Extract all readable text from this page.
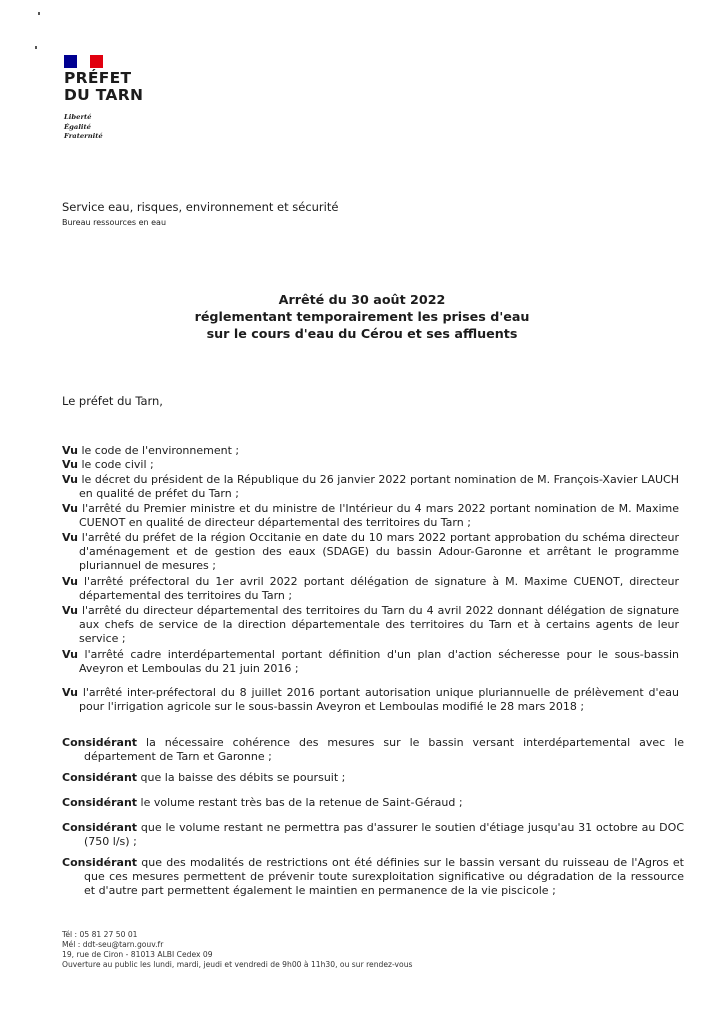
PRÉFET
DU TARN
Liberté
Égalité
Fraternité
Service eau, risques, environnement et sécurité
Bureau ressources en eau
Arrêté du 30 août 2022
réglementant temporairement les prises d'eau
sur le cours d'eau du Cérou et ses affluents
Le préfet du Tarn,
Vu le code de l'environnement ;
Vu le code civil ;
Vu le décret du président de la République du 26 janvier 2022 portant nomination de M. François-Xavier LAUCH en qualité de préfet du Tarn ;
Vu l'arrêté du Premier ministre et du ministre de l'Intérieur du 4 mars 2022 portant nomination de M. Maxime CUENOT en qualité de directeur départemental des territoires du Tarn ;
Vu l'arrêté du préfet de la région Occitanie en date du 10 mars 2022 portant approbation du schéma directeur d'aménagement et de gestion des eaux (SDAGE) du bassin Adour-Garonne et arrêtant le programme pluriannuel de mesures ;
Vu l'arrêté préfectoral du 1er avril 2022 portant délégation de signature à M. Maxime CUENOT, directeur départemental des territoires du Tarn ;
Vu l'arrêté du directeur départemental des territoires du Tarn du 4 avril 2022 donnant délégation de signature aux chefs de service de la direction départementale des territoires du Tarn et à certains agents de leur service ;
Vu l'arrêté cadre interdépartemental portant définition d'un plan d'action sécheresse pour le sous-bassin Aveyron et Lemboulas du 21 juin 2016 ;
Vu l'arrêté inter-préfectoral du 8 juillet 2016 portant autorisation unique pluriannuelle de prélèvement d'eau pour l'irrigation agricole sur le sous-bassin Aveyron et Lemboulas modifié le 28 mars 2018 ;
Considérant la nécessaire cohérence des mesures sur le bassin versant interdépartemental avec le département de Tarn et Garonne ;
Considérant que la baisse des débits se poursuit ;
Considérant le volume restant très bas de la retenue de Saint-Géraud ;
Considérant que le volume restant ne permettra pas d'assurer le soutien d'étiage jusqu'au 31 octobre au DOC (750 l/s) ;
Considérant que des modalités de restrictions ont été définies sur le bassin versant du ruisseau de l'Agros et que ces mesures permettent de prévenir toute surexploitation significative ou dégradation de la ressource et d'autre part permettent également le maintien en permanence de la vie piscicole ;
Tél : 05 81 27 50 01
Mél : ddt-seu@tarn.gouv.fr
19, rue de Ciron - 81013 ALBI Cedex 09
Ouverture au public les lundi, mardi, jeudi et vendredi de 9h00 à 11h30, ou sur rendez-vous
